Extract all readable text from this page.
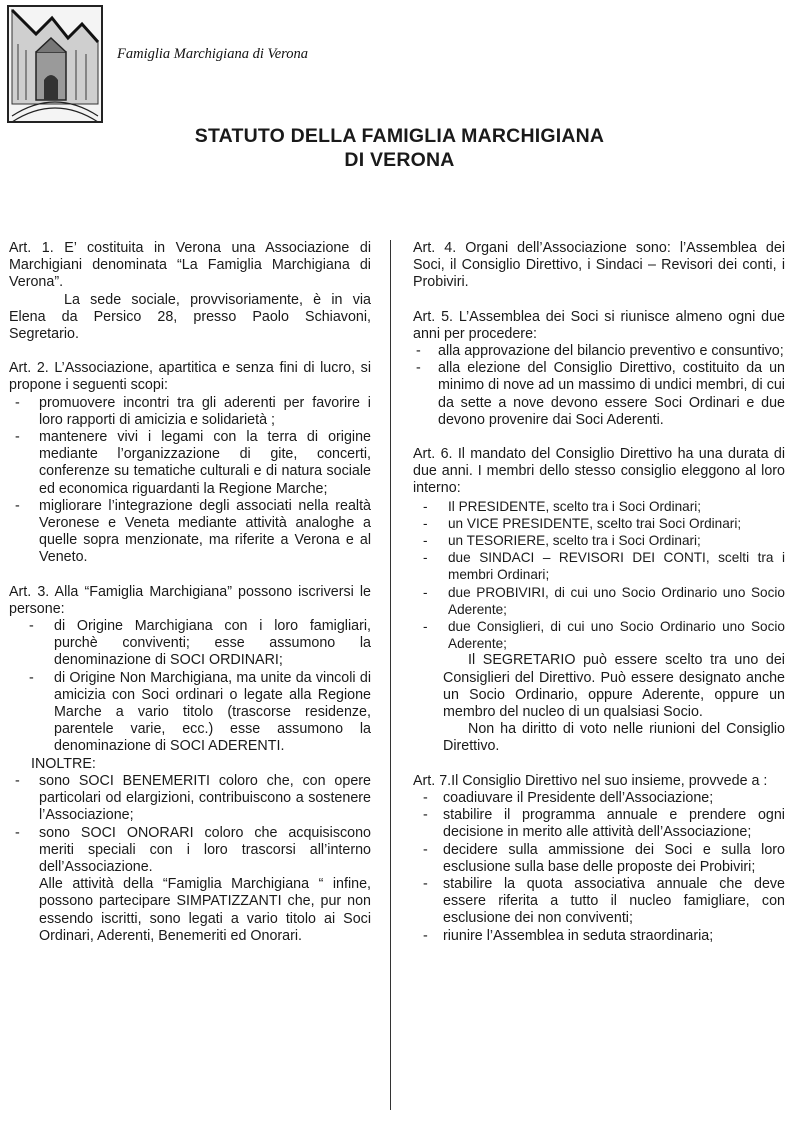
Famiglia Marchigiana di Verona
STATUTO DELLA FAMIGLIA MARCHIGIANA
DI VERONA

Art. 1. E’ costituita in Verona una Associazione di Marchigiani denominata “La Famiglia Marchigiana di Verona”.

La sede sociale, provvisoriamente, è in via Elena da Persico 28, presso Paolo Schiavoni, Segretario.

Art. 2. L’Associazione, apartitica e senza fini di lucro, si propone i seguenti scopi:

- promuovere incontri tra gli aderenti per favorire i loro rapporti di amicizia e solidarietà ;
- mantenere vivi i legami con la terra di origine mediante l’organizzazione di gite, concerti, conferenze su tematiche culturali e di natura sociale ed economica riguardanti la Regione Marche;
- migliorare l’integrazione degli associati nella realtà Veronese e Veneta mediante attività analoghe a quelle sopra menzionate, ma riferite a Verona e al Veneto.

Art. 3. Alla “Famiglia Marchigiana” possono iscriversi le persone:

- di Origine Marchigiana con i loro famigliari, purchè conviventi; esse assumono la denominazione di SOCI ORDINARI;
- di Origine Non Marchigiana, ma unite da vincoli di amicizia con Soci ordinari o legate alla Regione Marche a vario titolo (trascorse residenze, parentele varie, ecc.) esse assumono la denominazione di SOCI ADERENTI.

INOLTRE:

- sono SOCI BENEMERITI coloro che, con opere particolari od elargizioni, contribuiscono a sostenere l’Associazione;
- sono SOCI ONORARI coloro che acquisiscono meriti speciali con i loro trascorsi all’interno dell’Associazione.

Alle attività della “Famiglia Marchigiana “ infine, possono partecipare SIMPATIZZANTI che, pur non essendo iscritti, sono legati a vario titolo ai Soci Ordinari, Aderenti, Benemeriti ed Onorari.

Art. 4. Organi dell’Associazione sono: l’Assemblea dei Soci, il Consiglio Direttivo, i Sindaci – Revisori dei conti, i Probiviri.

Art. 5. L’Assemblea dei Soci si riunisce almeno ogni due anni per procedere:

- alla approvazione del bilancio preventivo e consuntivo;
- alla elezione del Consiglio Direttivo, costituito da un minimo di nove ad un massimo di undici membri, di cui da sette a nove devono essere Soci Ordinari e due devono provenire dai Soci Aderenti.

Art. 6. Il mandato del Consiglio Direttivo ha una durata di due anni. I membri dello stesso consiglio eleggono al loro interno:

- Il PRESIDENTE, scelto tra i Soci Ordinari;
- un VICE PRESIDENTE, scelto trai Soci Ordinari;
- un TESORIERE, scelto tra i Soci Ordinari;
- due SINDACI – REVISORI DEI CONTI, scelti tra i membri Ordinari;
- due PROBIVIRI, di cui uno Socio Ordinario uno Socio Aderente;
- due Consiglieri, di cui uno Socio Ordinario uno Socio Aderente;

Il SEGRETARIO può essere scelto tra uno dei Consiglieri del Direttivo. Può essere designato anche un Socio Ordinario, oppure Aderente, oppure un membro del nucleo di un qualsiasi Socio.

Non ha diritto di voto nelle riunioni del Consiglio Direttivo.

Art. 7.Il Consiglio Direttivo nel suo insieme, provvede a :

- coadiuvare il Presidente dell’Associazione;
- stabilire il programma annuale e prendere ogni decisione in merito alle attività dell’Associazione;
- decidere sulla ammissione dei Soci e sulla loro esclusione sulla base delle proposte dei Probiviri;
- stabilire la quota associativa annuale che deve essere riferita a tutto il nucleo famigliare, con esclusione dei non conviventi;
- riunire l’Assemblea in seduta straordinaria;
